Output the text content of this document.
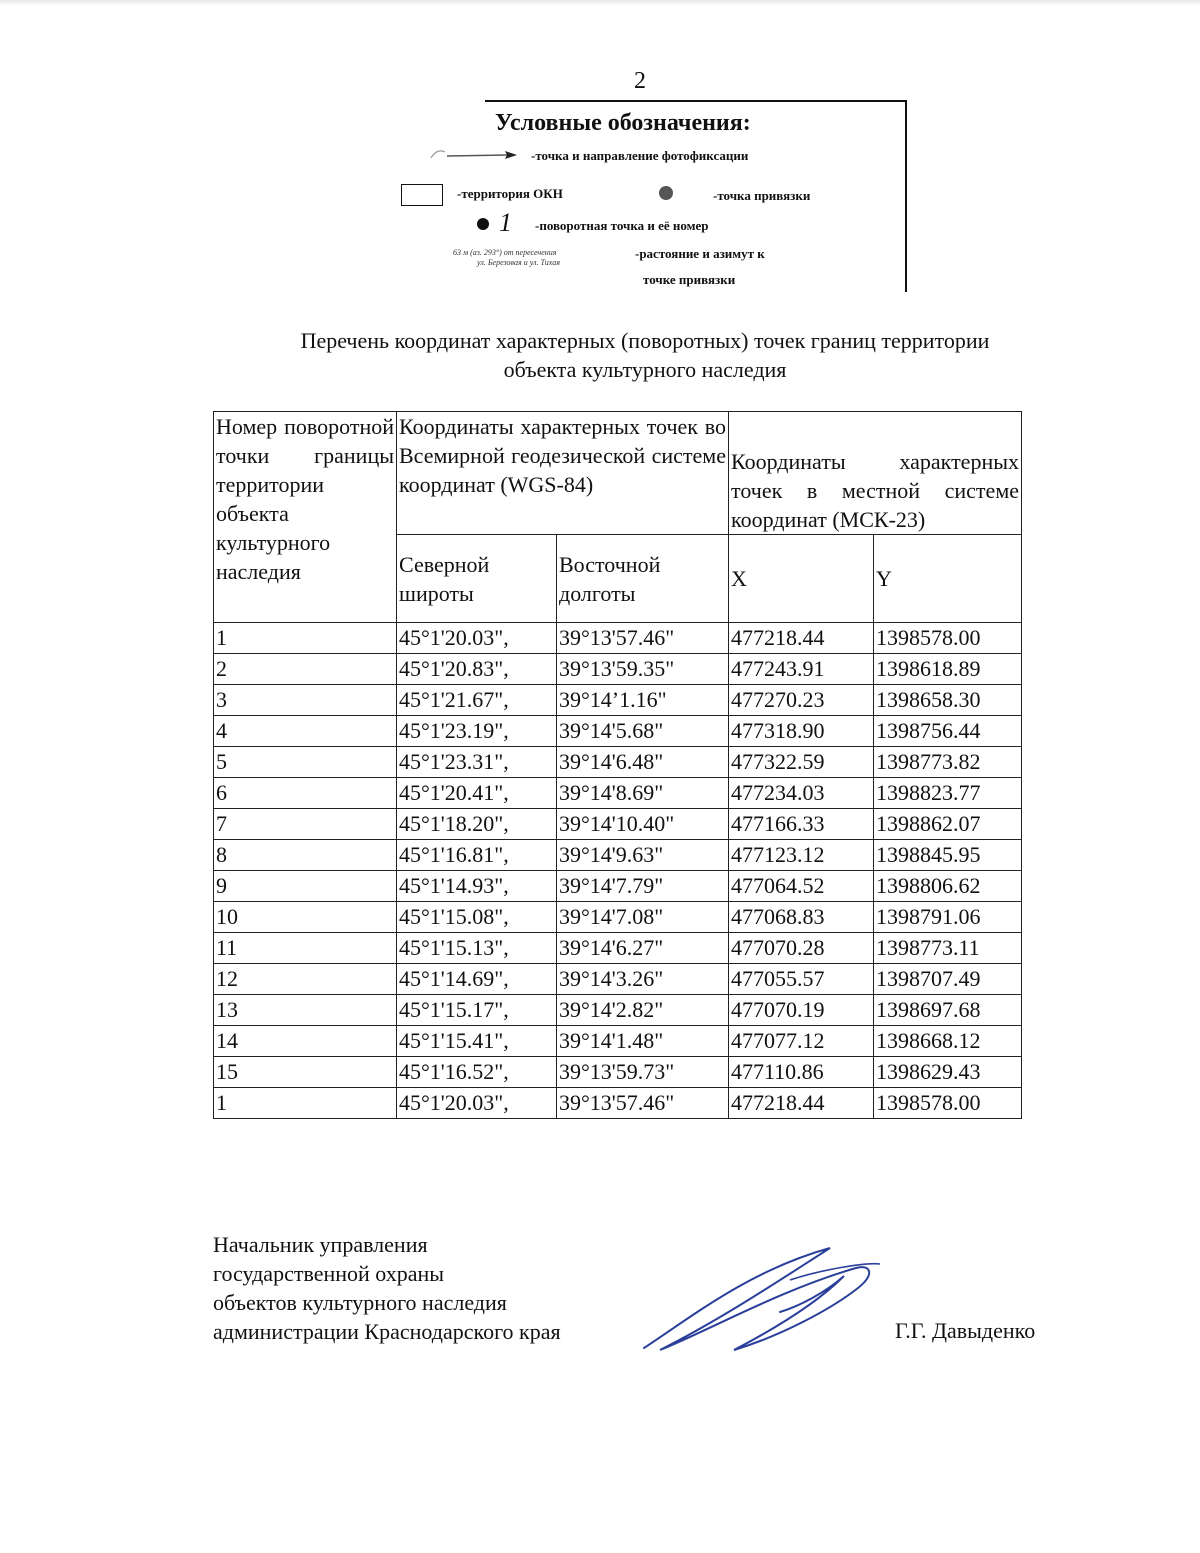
2
Условные обозначения:
-точка и направление фотофиксации
-территория ОКН	-точка привязки
1 -поворотная точка и её номер
63 м (аз. 293°) от пересечения
ул. Березовая и ул. Тихая
-растояние и азимут к
точке привязки
Перечень координат характерных (поворотных) точек границ территории
объекта культурного наследия
Номер поворотной точки границы территории объекта культурного наследия	Координаты характерных точек во Всемирной геодезической системе координат (WGS-84)		Координаты характерных точек в местной системе координат (МСК-23)	
	Северной широты	Восточной долготы	X	Y
1	45°1'20.03",	39°13'57.46"	477218.44	1398578.00
2	45°1'20.83",	39°13'59.35"	477243.91	1398618.89
3	45°1'21.67",	39°14’1.16"	477270.23	1398658.30
4	45°1'23.19",	39°14'5.68"	477318.90	1398756.44
5	45°1'23.31",	39°14'6.48"	477322.59	1398773.82
6	45°1'20.41",	39°14'8.69"	477234.03	1398823.77
7	45°1'18.20",	39°14'10.40"	477166.33	1398862.07
8	45°1'16.81",	39°14'9.63"	477123.12	1398845.95
9	45°1'14.93",	39°14'7.79"	477064.52	1398806.62
10	45°1'15.08",	39°14'7.08"	477068.83	1398791.06
11	45°1'15.13",	39°14'6.27"	477070.28	1398773.11
12	45°1'14.69",	39°14'3.26"	477055.57	1398707.49
13	45°1'15.17",	39°14'2.82"	477070.19	1398697.68
14	45°1'15.41",	39°14'1.48"	477077.12	1398668.12
15	45°1'16.52",	39°13'59.73"	477110.86	1398629.43
1	45°1'20.03",	39°13'57.46"	477218.44	1398578.00
Начальник управления
государственной охраны
объектов культурного наследия
администрации Краснодарского края	Г.Г. Давыденко
